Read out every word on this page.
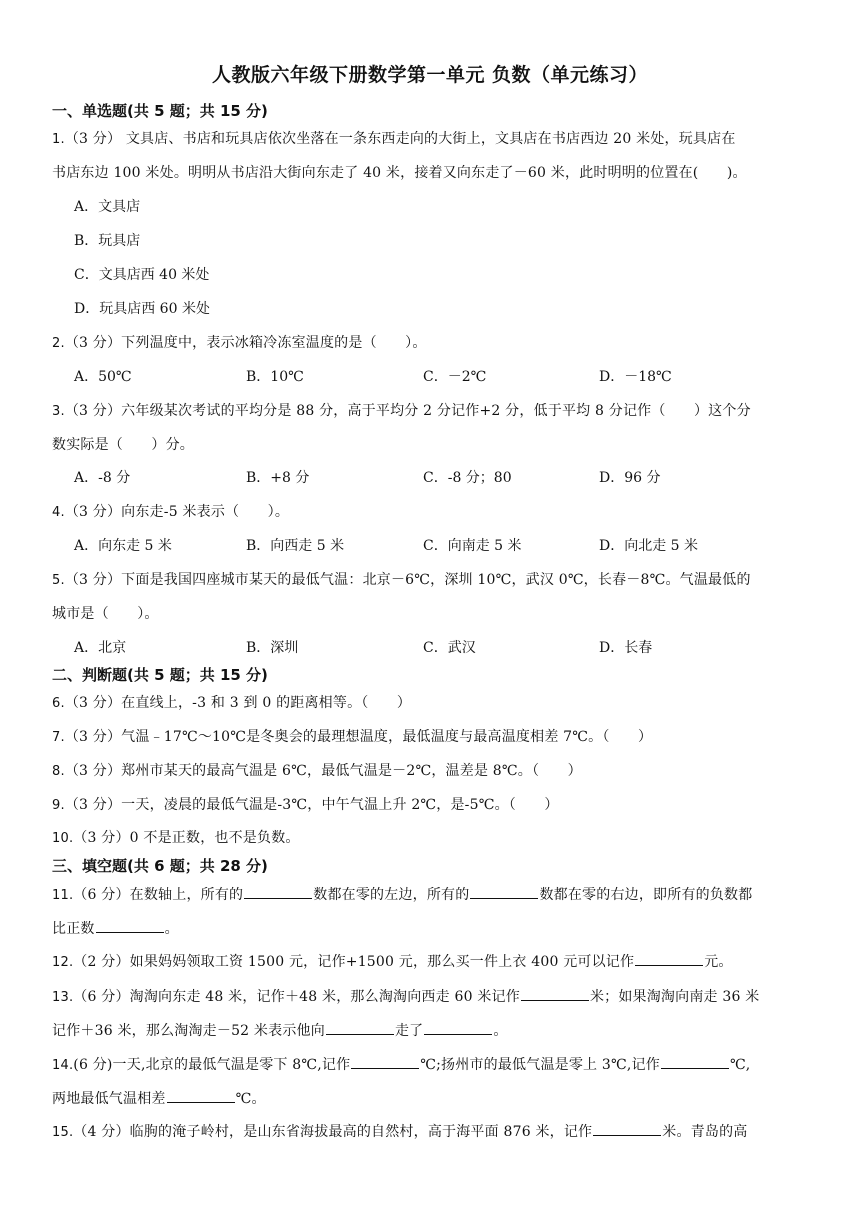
人教版六年级下册数学第一单元 负数（单元练习）
一、单选题(共 5 题；共 15 分)
1.（3 分） 文具店、书店和玩具店依次坐落在一条东西走向的大街上，文具店在书店西边 20 米处，玩具店在
书店东边 100 米处。明明从书店沿大街向东走了 40 米，接着又向东走了－60 米，此时明明的位置在(　　)。
A．文具店
B．玩具店
C．文具店西 40 米处
D．玩具店西 60 米处
2.（3 分）下列温度中，表示冰箱冷冻室温度的是（　　）。
A．50℃	B．10℃	C．－2℃	D．－18℃
3.（3 分）六年级某次考试的平均分是 88 分，高于平均分 2 分记作+2 分，低于平均 8 分记作（　　）这个分
数实际是（　　）分。
A．-8 分	B．+8 分	C．-8 分；80	D．96 分
4.（3 分）向东走-5 米表示（　　）。
A．向东走 5 米	B．向西走 5 米	C．向南走 5 米	D．向北走 5 米
5.（3 分）下面是我国四座城市某天的最低气温：北京－6℃，深圳 10℃，武汉 0℃，长春－8℃。气温最低的
城市是（　　）。
A．北京	B．深圳	C．武汉	D．长春
二、判断题(共 5 题；共 15 分)
6.（3 分）在直线上，-3 和 3 到 0 的距离相等。（　　）
7.（3 分）气温﹣17℃～10℃是冬奥会的最理想温度，最低温度与最高温度相差 7℃。（　　）
8.（3 分）郑州市某天的最高气温是 6℃，最低气温是－2℃，温差是 8℃。（　　）
9.（3 分）一天，凌晨的最低气温是-3℃，中午气温上升 2℃，是-5℃。（　　）
10.（3 分）0 不是正数，也不是负数。
三、填空题(共 6 题；共 28 分)
11.（6 分）在数轴上，所有的	数都在零的左边，所有的	数都在零的右边，即所有的负数都
比正数	。
12.（2 分）如果妈妈领取工资 1500 元，记作+1500 元，那么买一件上衣 400 元可以记作	元。
13.（6 分）淘淘向东走 48 米，记作＋48 米，那么淘淘向西走 60 米记作	米；如果淘淘向南走 36 米
记作＋36 米，那么淘淘走－52 米表示他向	走了	。
14.(6 分)一天,北京的最低气温是零下 8℃,记作	℃;扬州市的最低气温是零上 3℃,记作	℃,
两地最低气温相差	℃。
15.（4 分）临朐的淹子岭村，是山东省海拔最高的自然村，高于海平面 876 米，记作	米。青岛的高
